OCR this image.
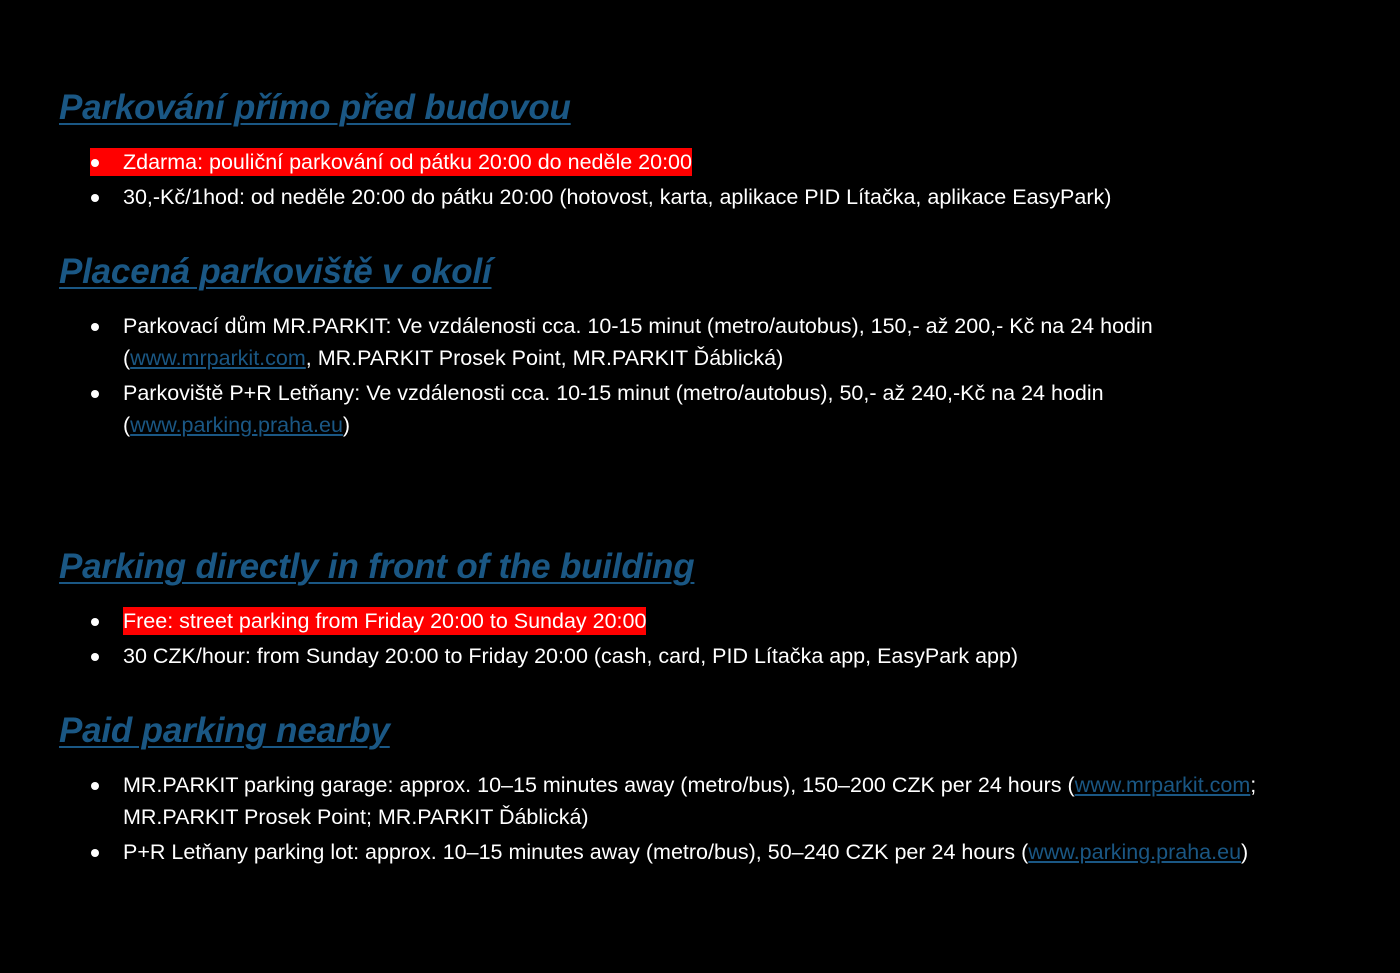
Parkování přímo před budovou
Zdarma: pouliční parkování od pátku 20:00 do neděle 20:00
30,-Kč/1hod: od neděle 20:00 do pátku 20:00 (hotovost, karta, aplikace PID Lítačka, aplikace EasyPark)
Placená parkoviště v okolí
Parkovací dům MR.PARKIT: Ve vzdálenosti cca. 10-15 minut (metro/autobus), 150,- až 200,- Kč na 24 hodin
(www.mrparkit.com, MR.PARKIT Prosek Point, MR.PARKIT Ďáblická)
Parkoviště P+R Letňany: Ve vzdálenosti cca. 10-15 minut (metro/autobus), 50,- až 240,-Kč na 24 hodin
(www.parking.praha.eu)
Parking directly in front of the building
Free: street parking from Friday 20:00 to Sunday 20:00
30 CZK/hour: from Sunday 20:00 to Friday 20:00 (cash, card, PID Lítačka app, EasyPark app)
Paid parking nearby
MR.PARKIT parking garage: approx. 10–15 minutes away (metro/bus), 150–200 CZK per 24 hours (www.mrparkit.com; MR.PARKIT Prosek Point; MR.PARKIT Ďáblická)
P+R Letňany parking lot: approx. 10–15 minutes away (metro/bus), 50–240 CZK per 24 hours (www.parking.praha.eu)
